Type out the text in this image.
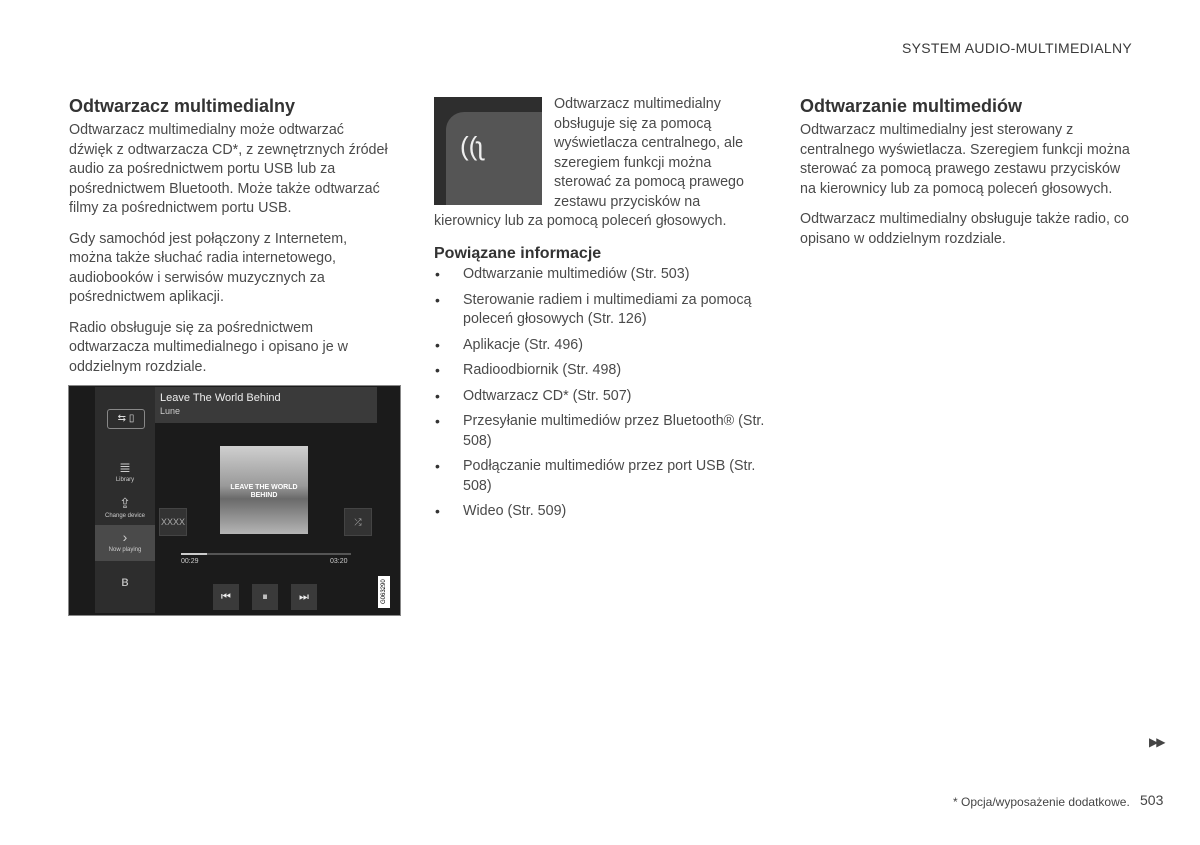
SYSTEM AUDIO-MULTIMEDIALNY
Odtwarzacz multimedialny

Odtwarzacz multimedialny może odtwarzać dźwięk z odtwarzacza CD*, z zewnętrznych źródeł audio za pośrednictwem portu USB lub za pośrednictwem Bluetooth. Może także odtwarzać filmy za pośrednictwem portu USB.

Gdy samochód jest połączony z Internetem, można także słuchać radia internetowego, audiobooków i serwisów muzycznych za pośrednictwem aplikacji.

Radio obsługuje się za pośrednictwem odtwarzacza multimedialnego i opisano je w oddzielnym rozdziale.

⇆ ▯
≣
Library
⇪
Change device
›
Now playing
ʙ
Leave The World Behind
Lune
LEAVE THE WORLD BEHIND
XXXX	⤮
00:29	03:20
⏮	⏸	⏭	G063290
((ʅ

Odtwarzacz multimedialny obsługuje się za pomocą wyświetlacza centralnego, ale szeregiem funkcji można sterować za pomocą prawego zestawu przycisków na kierownicy lub za pomocą poleceń głosowych.

Powiązane informacje
• Odtwarzanie multimediów (Str. 503)
• Sterowanie radiem i multimediami za pomocą poleceń głosowych (Str. 126)
• Aplikacje (Str. 496)
• Radioodbiornik (Str. 498)
• Odtwarzacz CD* (Str. 507)
• Przesyłanie multimediów przez Bluetooth® (Str. 508)
• Podłączanie multimediów przez port USB (Str. 508)
• Wideo (Str. 509)
Odtwarzanie multimediów

Odtwarzacz multimedialny jest sterowany z centralnego wyświetlacza. Szeregiem funkcji można sterować za pomocą prawego zestawu przycisków na kierownicy lub za pomocą poleceń głosowych.

Odtwarzacz multimedialny obsługuje także radio, co opisano w oddzielnym rozdziale.

▶▶
* Opcja/wyposażenie dodatkowe. 503
